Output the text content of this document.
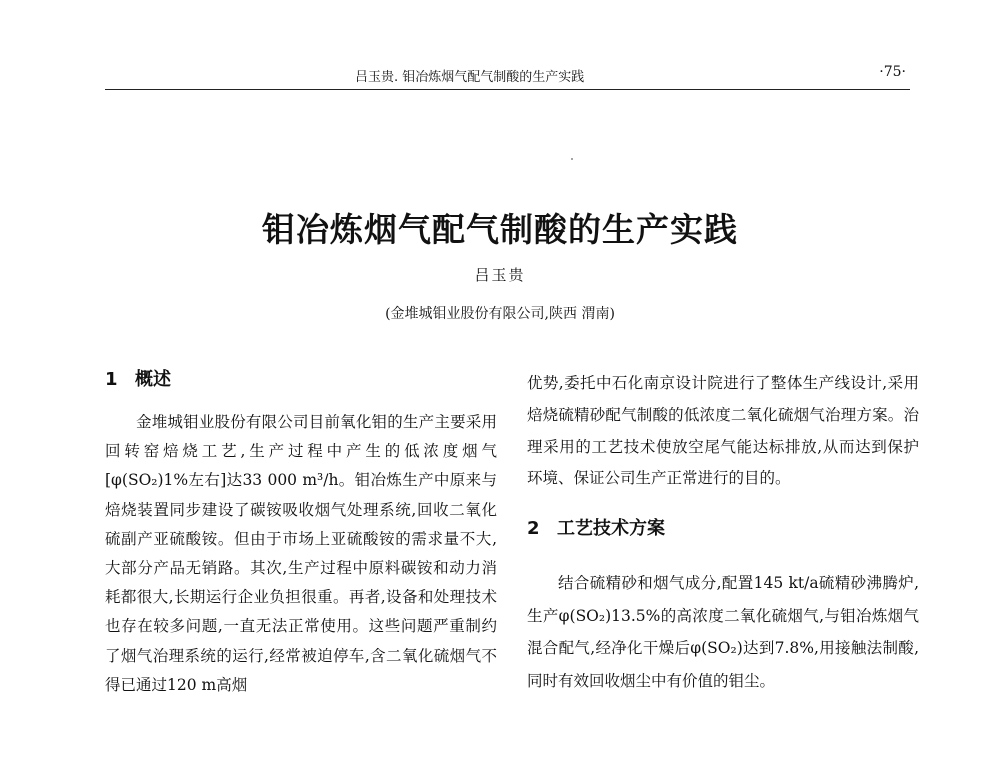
吕玉贵. 钼冶炼烟气配气制酸的生产实践	·75·
钼冶炼烟气配气制酸的生产实践
吕玉贵
(金堆城钼业股份有限公司,陕西 渭南)
1 概述

金堆城钼业股份有限公司目前氧化钼的生产主要采用回转窑焙烧工艺,生产过程中产生的低浓度烟气[φ(SO₂)1%左右]达33 000 m³/h。钼冶炼生产中原来与焙烧装置同步建设了碳铵吸收烟气处理系统,回收二氧化硫副产亚硫酸铵。但由于市场上亚硫酸铵的需求量不大,大部分产品无销路。其次,生产过程中原料碳铵和动力消耗都很大,长期运行企业负担很重。再者,设备和处理技术也存在较多问题,一直无法正常使用。这些问题严重制约了烟气治理系统的运行,经常被迫停车,含二氧化硫烟气不得已通过120 m高烟

优势,委托中石化南京设计院进行了整体生产线设计,采用焙烧硫精砂配气制酸的低浓度二氧化硫烟气治理方案。治理采用的工艺技术使放空尾气能达标排放,从而达到保护环境、保证公司生产正常进行的目的。

2 工艺技术方案

结合硫精砂和烟气成分,配置145 kt/a硫精砂沸腾炉,生产φ(SO₂)13.5%的高浓度二氧化硫烟气,与钼冶炼烟气混合配气,经净化干燥后φ(SO₂)达到7.8%,用接触法制酸,同时有效回收烟尘中有价值的钼尘。
